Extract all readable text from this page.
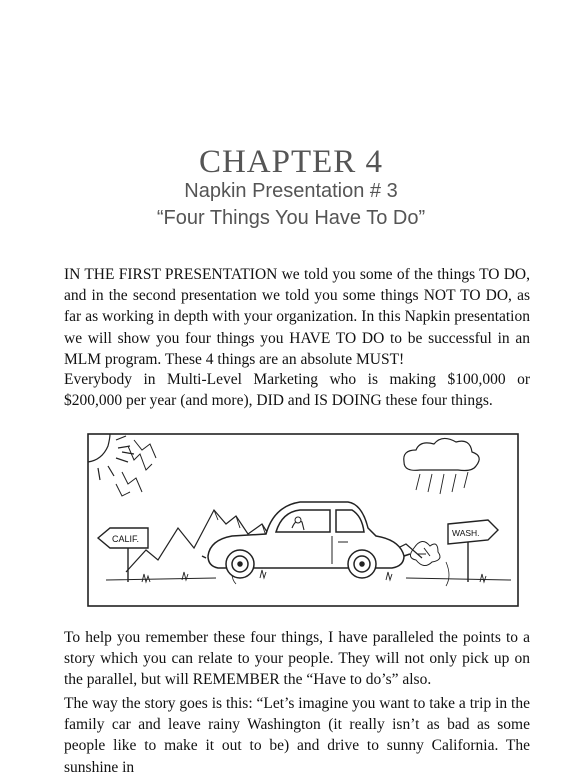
CHAPTER 4
Napkin Presentation # 3
“Four Things You Have To Do”
IN THE FIRST PRESENTATION we told you some of the things TO DO, and in the second presentation we told you some things NOT TO DO, as far as working in depth with your organization. In this Napkin presentation we will show you four things you HAVE TO DO to be successful in an MLM program. These 4 things are an absolute MUST!
Everybody in Multi-Level Marketing who is making $100,000 or $200,000 per year (and more), DID and IS DOING these four things.
CALIF.
WASH.
To help you remember these four things, I have paralleled the points to a story which you can relate to your people. They will not only pick up on the parallel, but will REMEMBER the “Have to do’s” also.
The way the story goes is this: “Let’s imagine you want to take a trip in the family car and leave rainy Washington (it really isn’t as bad as some people like to make it out to be) and drive to sunny California. The sunshine in
